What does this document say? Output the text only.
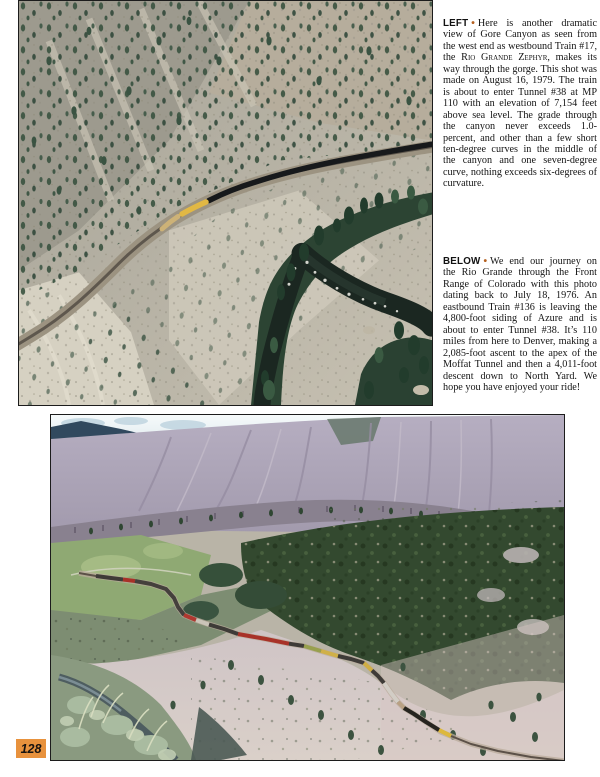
LEFT • Here is another dramatic view of Gore Canyon as seen from the west end as westbound Train #17, the Rio Grande Zephyr, makes its way through the gorge. This shot was made on August 16, 1979. The train is about to enter Tunnel #38 at MP 110 with an elevation of 7,154 feet above sea level. The grade through the canyon never exceeds 1.0-percent, and other than a few short ten-degree curves in the middle of the canyon and one seven-degree curve, nothing exceeds six-degrees of curvature.

BELOW • We end our journey on the Rio Grande through the Front Range of Colorado with this photo dating back to July 18, 1976. An eastbound Train #136 is leaving the 4,800-foot siding of Azure and is about to enter Tunnel #38. It’s 110 miles from here to Denver, making a 2,085-foot ascent to the apex of the Moffat Tunnel and then a 4,011-foot descent down to North Yard. We hope you have enjoyed your ride!

128
